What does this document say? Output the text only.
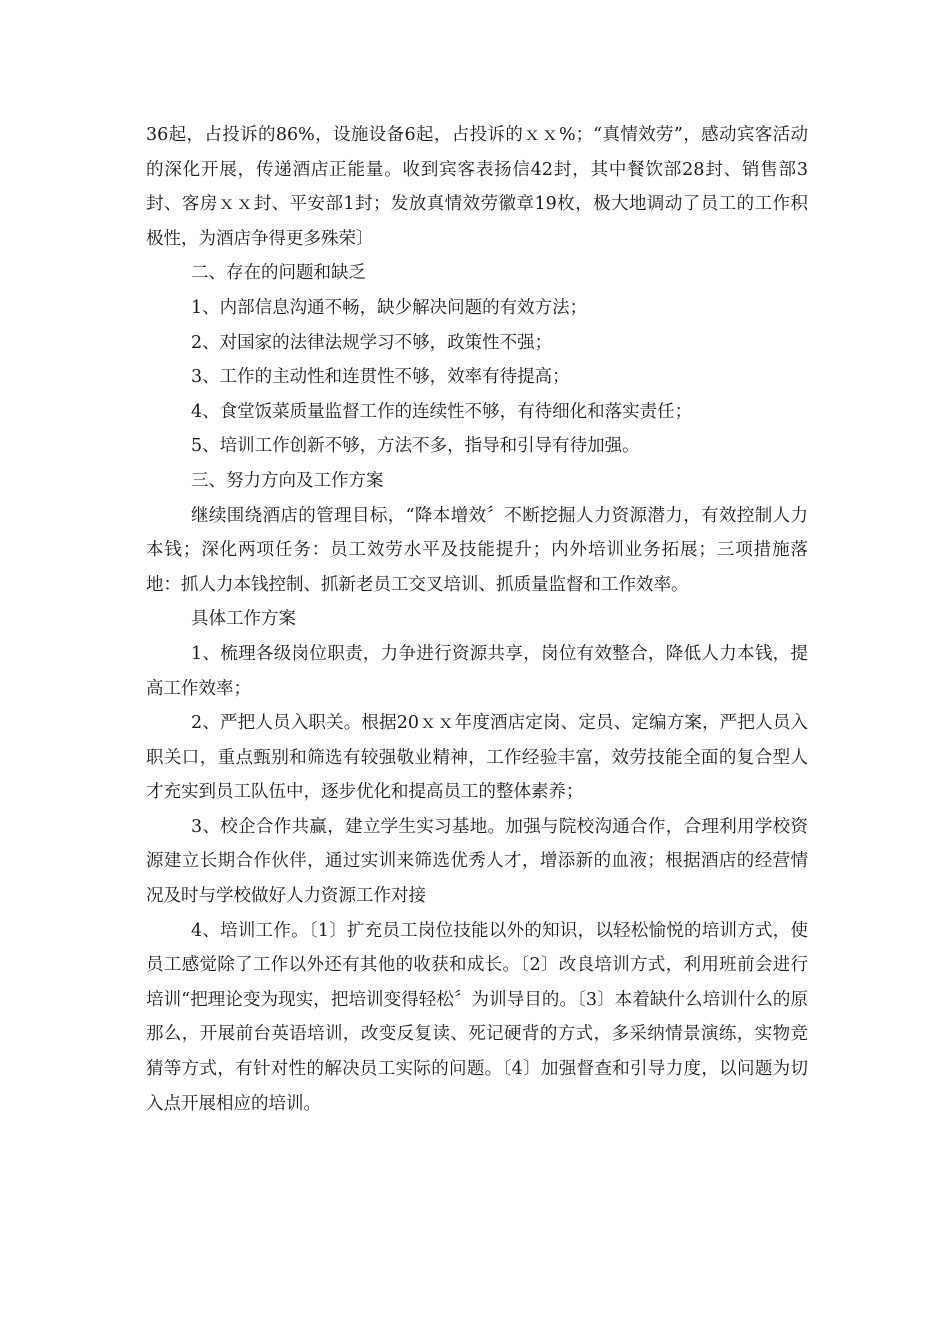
36起，占投诉的86%，设施设备6起，占投诉的ｘｘ%；“真情效劳”，感动宾客活动的深化开展，传递酒店正能量。收到宾客表扬信42封，其中餐饮部28封、销售部3封、客房ｘｘ封、平安部1封；发放真情效劳徽章19枚，极大地调动了员工的工作积极性，为酒店争得更多殊荣〕

二、存在的问题和缺乏

1、内部信息沟通不畅，缺少解决问题的有效方法；

2、对国家的法律法规学习不够，政策性不强；

3、工作的主动性和连贯性不够，效率有待提高；

4、食堂饭菜质量监督工作的连续性不够，有待细化和落实责任；

5、培训工作创新不够，方法不多，指导和引导有待加强。

三、努力方向及工作方案

继续围绕酒店的管理目标，“降本增效〞不断挖掘人力资源潜力，有效控制人力本钱；深化两项任务：员工效劳水平及技能提升；内外培训业务拓展；三项措施落地：抓人力本钱控制、抓新老员工交叉培训、抓质量监督和工作效率。

具体工作方案

1、梳理各级岗位职责，力争进行资源共享，岗位有效整合，降低人力本钱，提高工作效率；

2、严把人员入职关。根据20ｘｘ年度酒店定岗、定员、定编方案，严把人员入职关口，重点甄别和筛选有较强敬业精神，工作经验丰富，效劳技能全面的复合型人才充实到员工队伍中，逐步优化和提高员工的整体素养；

3、校企合作共赢，建立学生实习基地。加强与院校沟通合作，合理利用学校资源建立长期合作伙伴，通过实训来筛选优秀人才，增添新的血液；根据酒店的经营情况及时与学校做好人力资源工作对接

4、培训工作。〔1〕扩充员工岗位技能以外的知识，以轻松愉悦的培训方式，使员工感觉除了工作以外还有其他的收获和成长。〔2〕改良培训方式，利用班前会进行培训“把理论变为现实，把培训变得轻松〞为训导目的。〔3〕本着缺什么培训什么的原那么，开展前台英语培训，改变反复读、死记硬背的方式，多采纳情景演练，实物竞猜等方式，有针对性的解决员工实际的问题。〔4〕加强督查和引导力度，以问题为切入点开展相应的培训。
